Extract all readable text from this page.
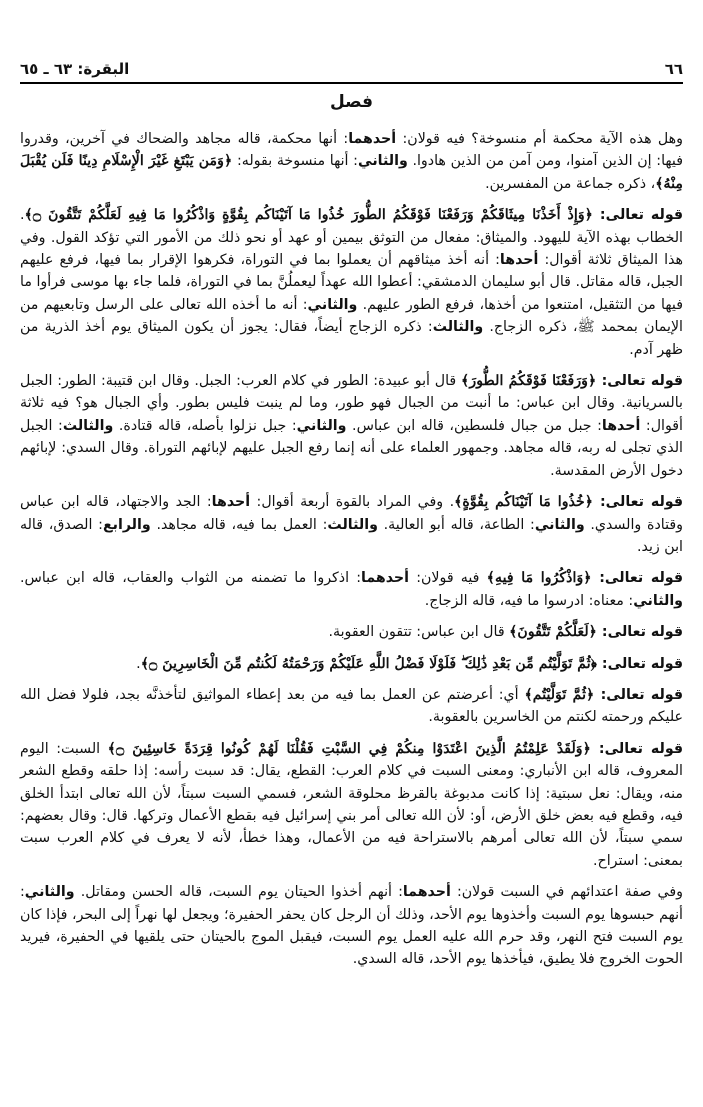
٦٦
البقرة: ٦٣ ـ ٦٥
فصل

وهل هذه الآية محكمة أم منسوخة؟ فيه قولان: أحدهما: أنها محكمة، قاله مجاهد والضحاك في آخرين، وقدروا فيها: إن الذين آمنوا، ومن آمن من الذين هادوا. والثاني: أنها منسوخة بقوله: ﴿وَمَن يَبْتَغِ غَيْرَ الْإِسْلَامِ دِينًا فَلَن يُقْبَلَ مِنْهُ﴾، ذكره جماعة من المفسرين.

قوله تعالى: ﴿وَإِذْ أَخَذْنَا مِيثَاقَكُمْ وَرَفَعْنَا فَوْقَكُمُ الطُّورَ خُذُوا مَا آتَيْنَاكُم بِقُوَّةٍ وَاذْكُرُوا مَا فِيهِ لَعَلَّكُمْ تَتَّقُونَ ۝﴾. الخطاب بهذه الآية لليهود. والميثاق: مفعال من التوثق بيمين أو عهد أو نحو ذلك من الأمور التي تؤكد القول. وفي هذا الميثاق ثلاثة أقوال: أحدها: أنه أخذ ميثاقهم أن يعملوا بما في التوراة، فكرهوا الإقرار بما فيها، فرفع عليهم الجبل، قاله مقاتل. قال أبو سليمان الدمشقي: أعطوا الله عهداً ليعملُنَّ بما في التوراة، فلما جاء بها موسى فرأوا ما فيها من التثقيل، امتنعوا من أخذها، فرفع الطور عليهم. والثاني: أنه ما أخذه الله تعالى على الرسل وتابعيهم من الإيمان بمحمد ﷺ، ذكره الزجاج. والثالث: ذكره الزجاج أيضاً، فقال: يجوز أن يكون الميثاق يوم أخذ الذرية من ظهر آدم.

قوله تعالى: ﴿وَرَفَعْنَا فَوْقَكُمُ الطُّورَ﴾ قال أبو عبيدة: الطور في كلام العرب: الجبل. وقال ابن قتيبة: الطور: الجبل بالسريانية. وقال ابن عباس: ما أنبت من الجبال فهو طور، وما لم ينبت فليس بطور. وأي الجبال هو؟ فيه ثلاثة أقوال: أحدها: جبل من جبال فلسطين، قاله ابن عباس. والثاني: جبل نزلوا بأصله، قاله قتادة. والثالث: الجبل الذي تجلى له ربه، قاله مجاهد. وجمهور العلماء على أنه إنما رفع الجبل عليهم لإبائهم التوراة. وقال السدي: لإبائهم دخول الأرض المقدسة.

قوله تعالى: ﴿خُذُوا مَا آتَيْنَاكُم بِقُوَّةٍ﴾. وفي المراد بالقوة أربعة أقوال: أحدها: الجد والاجتهاد، قاله ابن عباس وقتادة والسدي. والثاني: الطاعة، قاله أبو العالية. والثالث: العمل بما فيه، قاله مجاهد. والرابع: الصدق، قاله ابن زيد.

قوله تعالى: ﴿وَاذْكُرُوا مَا فِيهِ﴾ فيه قولان: أحدهما: اذكروا ما تضمنه من الثواب والعقاب، قاله ابن عباس. والثاني: معناه: ادرسوا ما فيه، قاله الزجاج.

قوله تعالى: ﴿لَعَلَّكُمْ تَتَّقُونَ﴾ قال ابن عباس: تتقون العقوبة.

قوله تعالى: ﴿ثُمَّ تَوَلَّيْتُم مِّن بَعْدِ ذَٰلِكَ ۖ فَلَوْلَا فَضْلُ اللَّهِ عَلَيْكُمْ وَرَحْمَتُهُ لَكُنتُم مِّنَ الْخَاسِرِينَ ۝﴾.

قوله تعالى: ﴿ثُمَّ تَوَلَّيْتُم﴾ أي: أعرضتم عن العمل بما فيه من بعد إعطاء المواثيق لتأخذنَّه بجد، فلولا فضل الله عليكم ورحمته لكنتم من الخاسرين بالعقوبة.

قوله تعالى: ﴿وَلَقَدْ عَلِمْتُمُ الَّذِينَ اعْتَدَوْا مِنكُمْ فِي السَّبْتِ فَقُلْنَا لَهُمْ كُونُوا قِرَدَةً خَاسِئِينَ ۝﴾ السبت: اليوم المعروف، قاله ابن الأنباري: ومعنى السبت في كلام العرب: القطع، يقال: قد سبت رأسه: إذا حلقه وقطع الشعر منه، ويقال: نعل سبتية: إذا كانت مدبوغة بالقرظ محلوقة الشعر، فسمي السبت سبتاً، لأن الله تعالى ابتدأ الخلق فيه، وقطع فيه بعض خلق الأرض، أو: لأن الله تعالى أمر بني إسرائيل فيه بقطع الأعمال وتركها. قال: وقال بعضهم: سمي سبتاً، لأن الله تعالى أمرهم بالاستراحة فيه من الأعمال، وهذا خطأ، لأنه لا يعرف في كلام العرب سبت بمعنى: استراح.

وفي صفة اعتدائهم في السبت قولان: أحدهما: أنهم أخذوا الحيتان يوم السبت، قاله الحسن ومقاتل. والثاني: أنهم حبسوها يوم السبت وأخذوها يوم الأحد، وذلك أن الرجل كان يحفر الحفيرة؛ ويجعل لها نهراً إلى البحر، فإذا كان يوم السبت فتح النهر، وقد حرم الله عليه العمل يوم السبت، فيقبل الموج بالحيتان حتى يلقيها في الحفيرة، فيريد الحوت الخروج فلا يطيق، فيأخذها يوم الأحد، قاله السدي.
